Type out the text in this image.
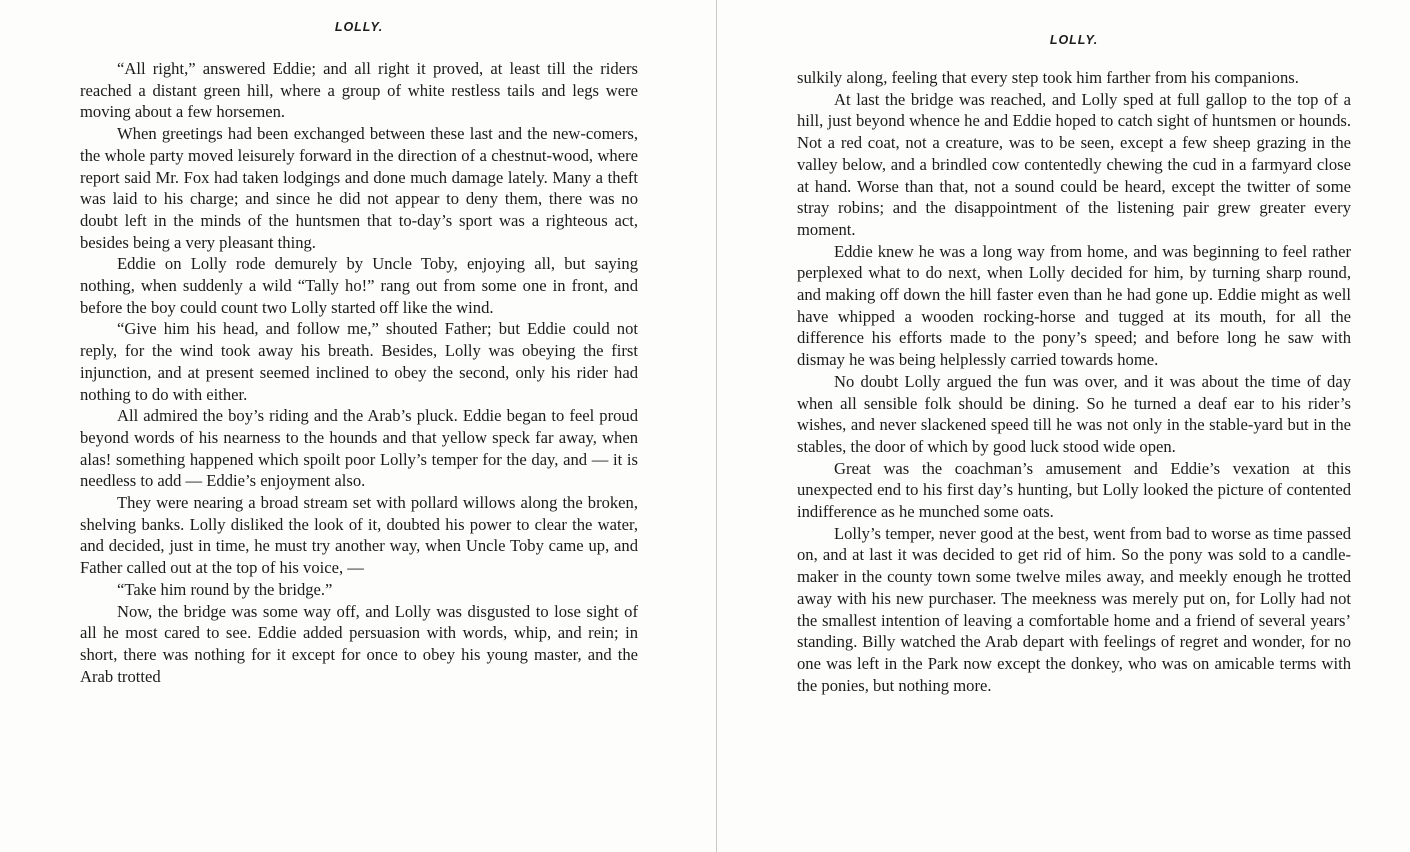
LOLLY.

“All right,” answered Eddie; and all right it proved, at least till the riders reached a distant green hill, where a group of white restless tails and legs were moving about a few horsemen.

When greetings had been exchanged between these last and the new-comers, the whole party moved leisurely forward in the direction of a chestnut-wood, where report said Mr. Fox had taken lodgings and done much damage lately. Many a theft was laid to his charge; and since he did not appear to deny them, there was no doubt left in the minds of the huntsmen that to-day’s sport was a righteous act, besides being a very pleasant thing.

Eddie on Lolly rode demurely by Uncle Toby, enjoying all, but saying nothing, when suddenly a wild “Tally ho!” rang out from some one in front, and before the boy could count two Lolly started off like the wind.

“Give him his head, and follow me,” shouted Father; but Eddie could not reply, for the wind took away his breath. Besides, Lolly was obeying the first injunction, and at present seemed inclined to obey the second, only his rider had nothing to do with either.

All admired the boy’s riding and the Arab’s pluck. Eddie began to feel proud beyond words of his nearness to the hounds and that yellow speck far away, when alas! something happened which spoilt poor Lolly’s temper for the day, and — it is needless to add — Eddie’s enjoyment also.

They were nearing a broad stream set with pollard willows along the broken, shelving banks. Lolly disliked the look of it, doubted his power to clear the water, and decided, just in time, he must try another way, when Uncle Toby came up, and Father called out at the top of his voice, —

“Take him round by the bridge.”

Now, the bridge was some way off, and Lolly was disgusted to lose sight of all he most cared to see. Eddie added persuasion with words, whip, and rein; in short, there was nothing for it except for once to obey his young master, and the Arab trotted

LOLLY.

sulkily along, feeling that every step took him farther from his companions.

At last the bridge was reached, and Lolly sped at full gallop to the top of a hill, just beyond whence he and Eddie hoped to catch sight of huntsmen or hounds. Not a red coat, not a creature, was to be seen, except a few sheep grazing in the valley below, and a brindled cow contentedly chewing the cud in a farmyard close at hand. Worse than that, not a sound could be heard, except the twitter of some stray robins; and the disappointment of the listening pair grew greater every moment.

Eddie knew he was a long way from home, and was beginning to feel rather perplexed what to do next, when Lolly decided for him, by turning sharp round, and making off down the hill faster even than he had gone up. Eddie might as well have whipped a wooden rocking-horse and tugged at its mouth, for all the difference his efforts made to the pony’s speed; and before long he saw with dismay he was being helplessly carried towards home.

No doubt Lolly argued the fun was over, and it was about the time of day when all sensible folk should be dining. So he turned a deaf ear to his rider’s wishes, and never slackened speed till he was not only in the stable-yard but in the stables, the door of which by good luck stood wide open.

Great was the coachman’s amusement and Eddie’s vexation at this unexpected end to his first day’s hunting, but Lolly looked the picture of contented indifference as he munched some oats.

Lolly’s temper, never good at the best, went from bad to worse as time passed on, and at last it was decided to get rid of him. So the pony was sold to a candle-maker in the county town some twelve miles away, and meekly enough he trotted away with his new purchaser. The meekness was merely put on, for Lolly had not the smallest intention of leaving a comfortable home and a friend of several years’ standing. Billy watched the Arab depart with feelings of regret and wonder, for no one was left in the Park now except the donkey, who was on amicable terms with the ponies, but nothing more.
